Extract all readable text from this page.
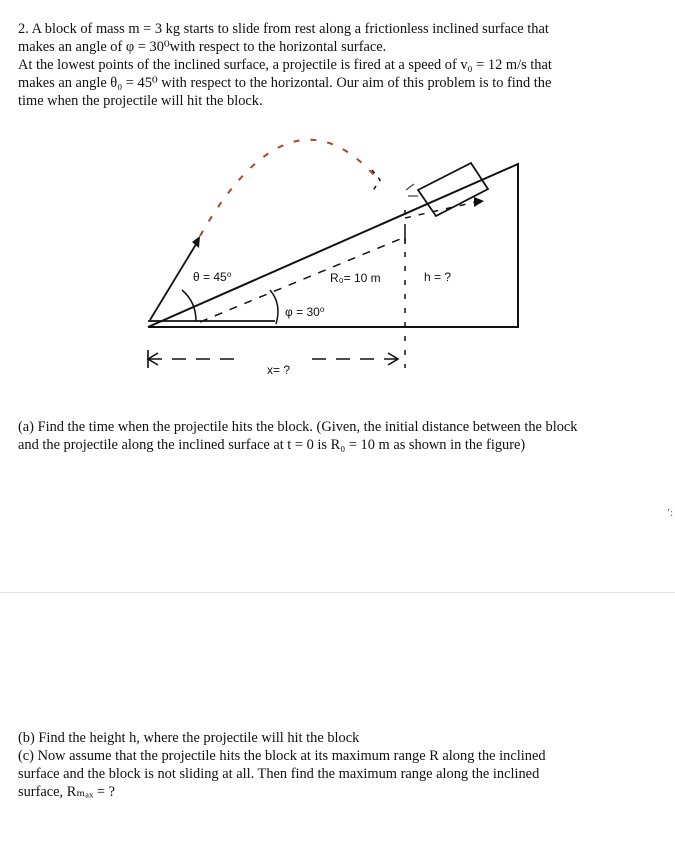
2. A block of mass m = 3 kg starts to slide from rest along a frictionless inclined surface that
makes an angle of φ = 30⁰with respect to the horizontal surface.
At the lowest points of the inclined surface, a projectile is fired at a speed of v₀ = 12 m/s that
makes an angle θ₀ = 45⁰ with respect to the horizontal. Our aim of this problem is to find the
time when the projectile will hit the block.
θ = 45⁰
φ = 30⁰
R₀= 10 m	h = ?
x= ?
(a) Find the time when the projectile hits the block. (Given, the initial distance between the block
and the projectile along the inclined surface at t = 0 is R₀ = 10 m as shown in the figure)
’:
(b) Find the height h, where the projectile will hit the block
(c) Now assume that the projectile hits the block at its maximum range R along the inclined
surface and the block is not sliding at all. Then find the maximum range along the inclined
surface, Rₘₐₓ = ?
